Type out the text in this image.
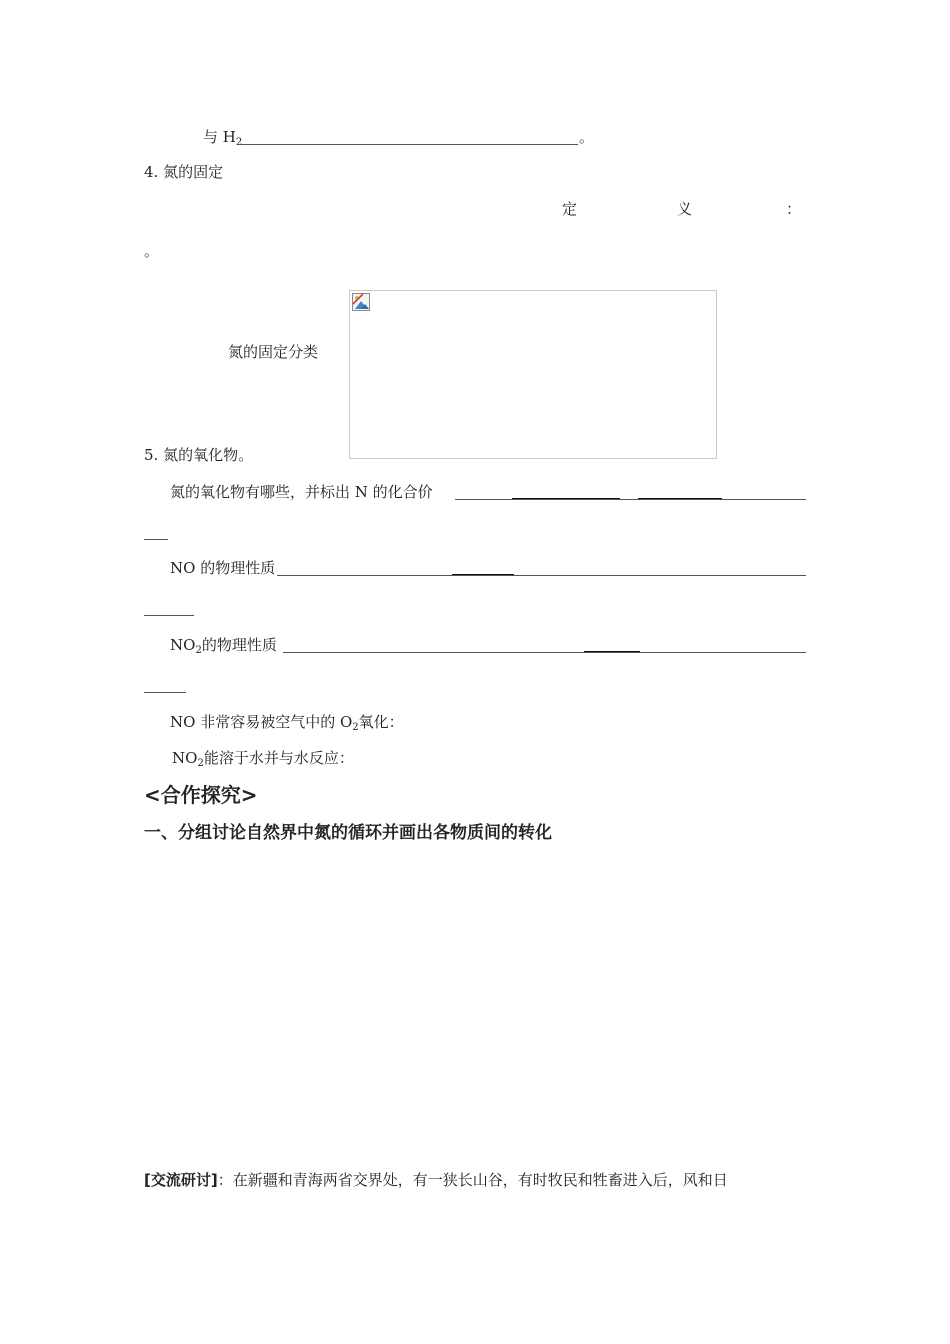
与 $H_2$	。
4. 氮的固定
定	义	：
。
氮的固定分类
5. 氮的氧化物。
氮的氧化物有哪些，并标出 N 的化合价
NO 的物理性质
$NO_2$的物理性质
NO 非常容易被空气中的 $O_2$氧化：
$NO_2$能溶于水并与水反应：
<合作探究>
一、分组讨论自然界中氮的循环并画出各物质间的转化
[交流研讨]：在新疆和青海两省交界处，有一狭长山谷，有时牧民和牲畜进入后，风和日
